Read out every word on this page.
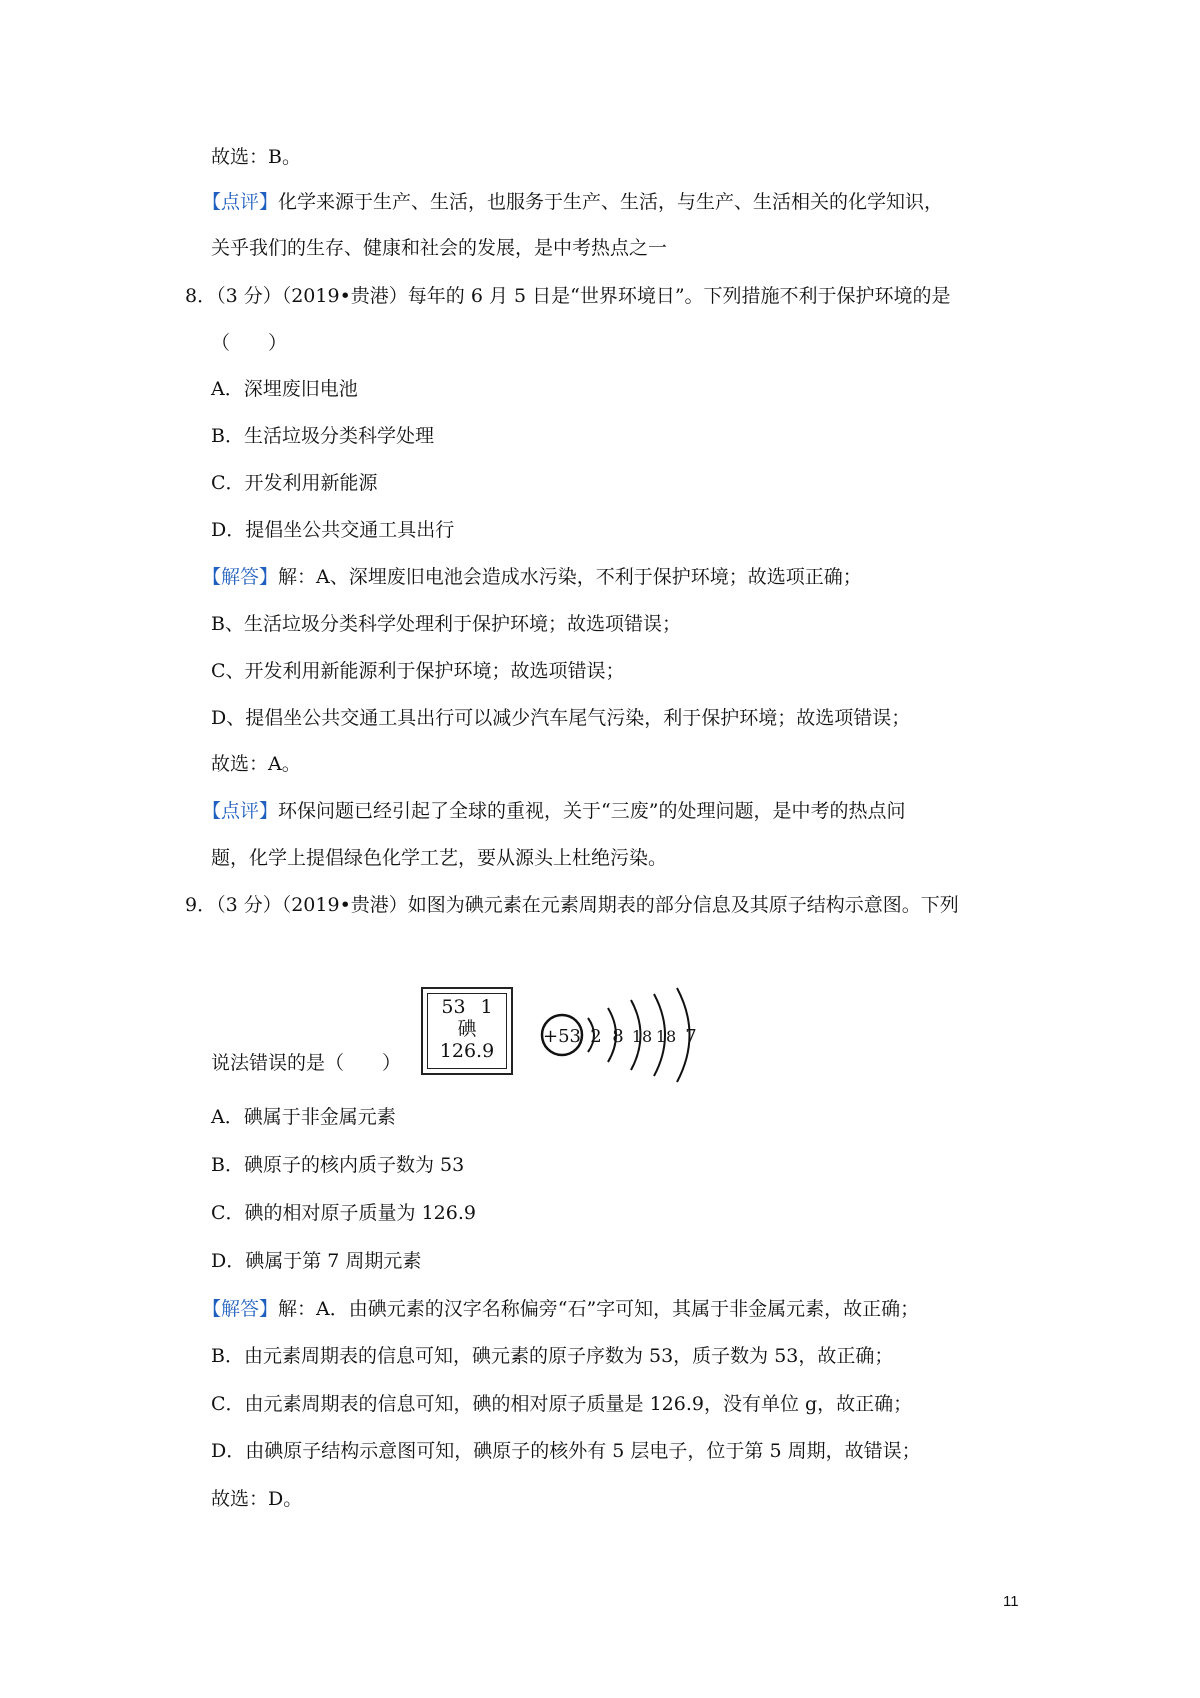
故选：B。
【点评】化学来源于生产、生活，也服务于生产、生活，与生产、生活相关的化学知识，
关乎我们的生存、健康和社会的发展，是中考热点之一
8．（3 分）（2019•贵港）每年的 6 月 5 日是“世界环境日”。下列措施不利于保护环境的是
（　　）
A．深埋废旧电池
B．生活垃圾分类科学处理
C．开发利用新能源
D．提倡坐公共交通工具出行
【解答】解：A、深埋废旧电池会造成水污染，不利于保护环境；故选项正确；
B、生活垃圾分类科学处理利于保护环境；故选项错误；
C、开发利用新能源利于保护环境；故选项错误；
D、提倡坐公共交通工具出行可以减少汽车尾气污染，利于保护环境；故选项错误；
故选：A。
【点评】环保问题已经引起了全球的重视，关于“三废”的处理问题，是中考的热点问
题，化学上提倡绿色化学工艺，要从源头上杜绝污染。
9．（3 分）（2019•贵港）如图为碘元素在元素周期表的部分信息及其原子结构示意图。下列
说法错误的是（　　）
A．碘属于非金属元素
B．碘原子的核内质子数为 53
C．碘的相对原子质量为 126.9
D．碘属于第 7 周期元素
【解答】解：A．由碘元素的汉字名称偏旁“石”字可知，其属于非金属元素，故正确；
B．由元素周期表的信息可知，碘元素的原子序数为 53，质子数为 53，故正确；
C．由元素周期表的信息可知，碘的相对原子质量是 126.9，没有单位 g，故正确；
D．由碘原子结构示意图可知，碘原子的核外有 5 层电子，位于第 5 周期，故错误；
故选：D。
53 1
碘
126.9
+53 2 8 18 18 7
11
